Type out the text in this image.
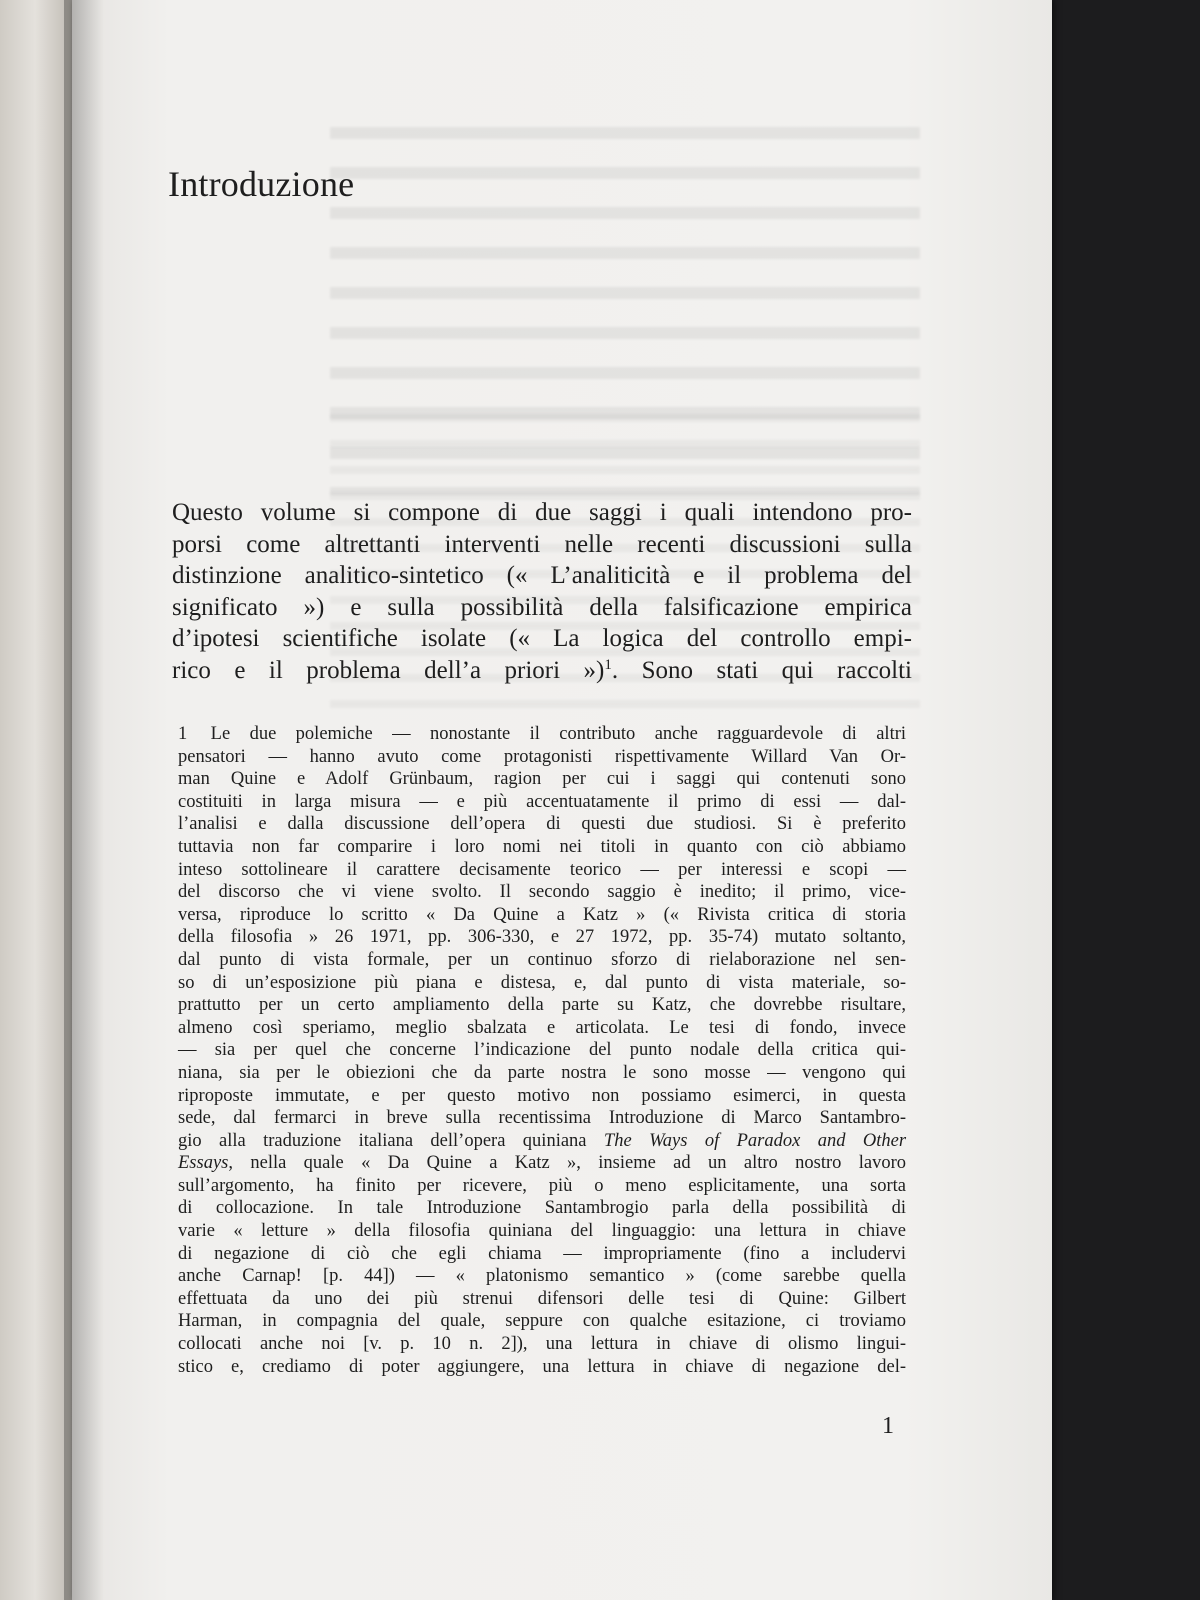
Introduzione

Questo volume si compone di due saggi i quali intendono pro-
porsi come altrettanti interventi nelle recenti discussioni sulla
distinzione analitico-sintetico (« L’analiticità e il problema del
significato ») e sulla possibilità della falsificazione empirica
d’ipotesi scientifiche isolate (« La logica del controllo empi-
rico e il problema dell’a priori »)$^1$. Sono stati qui raccolti

1 Le due polemiche — nonostante il contributo anche ragguardevole di altri
pensatori — hanno avuto come protagonisti rispettivamente Willard Van Or-
man Quine e Adolf Grünbaum, ragion per cui i saggi qui contenuti sono
costituiti in larga misura — e più accentuatamente il primo di essi — dal-
l’analisi e dalla discussione dell’opera di questi due studiosi. Si è preferito
tuttavia non far comparire i loro nomi nei titoli in quanto con ciò abbiamo
inteso sottolineare il carattere decisamente teorico — per interessi e scopi —
del discorso che vi viene svolto. Il secondo saggio è inedito; il primo, vice-
versa, riproduce lo scritto « Da Quine a Katz » (« Rivista critica di storia
della filosofia » 26 1971, pp. 306-330, e 27 1972, pp. 35-74) mutato soltanto,
dal punto di vista formale, per un continuo sforzo di rielaborazione nel sen-
so di un’esposizione più piana e distesa, e, dal punto di vista materiale, so-
prattutto per un certo ampliamento della parte su Katz, che dovrebbe risultare,
almeno così speriamo, meglio sbalzata e articolata. Le tesi di fondo, invece
— sia per quel che concerne l’indicazione del punto nodale della critica qui-
niana, sia per le obiezioni che da parte nostra le sono mosse — vengono qui
riproposte immutate, e per questo motivo non possiamo esimerci, in questa
sede, dal fermarci in breve sulla recentissima Introduzione di Marco Santambro-
gio alla traduzione italiana dell’opera quiniana The Ways of Paradox and Other
Essays, nella quale « Da Quine a Katz », insieme ad un altro nostro lavoro
sull’argomento, ha finito per ricevere, più o meno esplicitamente, una sorta
di collocazione. In tale Introduzione Santambrogio parla della possibilità di
varie « letture » della filosofia quiniana del linguaggio: una lettura in chiave
di negazione di ciò che egli chiama — impropriamente (fino a includervi
anche Carnap! [p. 44]) — « platonismo semantico » (come sarebbe quella
effettuata da uno dei più strenui difensori delle tesi di Quine: Gilbert
Harman, in compagnia del quale, seppure con qualche esitazione, ci troviamo
collocati anche noi [v. p. 10 n. 2]), una lettura in chiave di olismo lingui-
stico e, crediamo di poter aggiungere, una lettura in chiave di negazione del-
1
